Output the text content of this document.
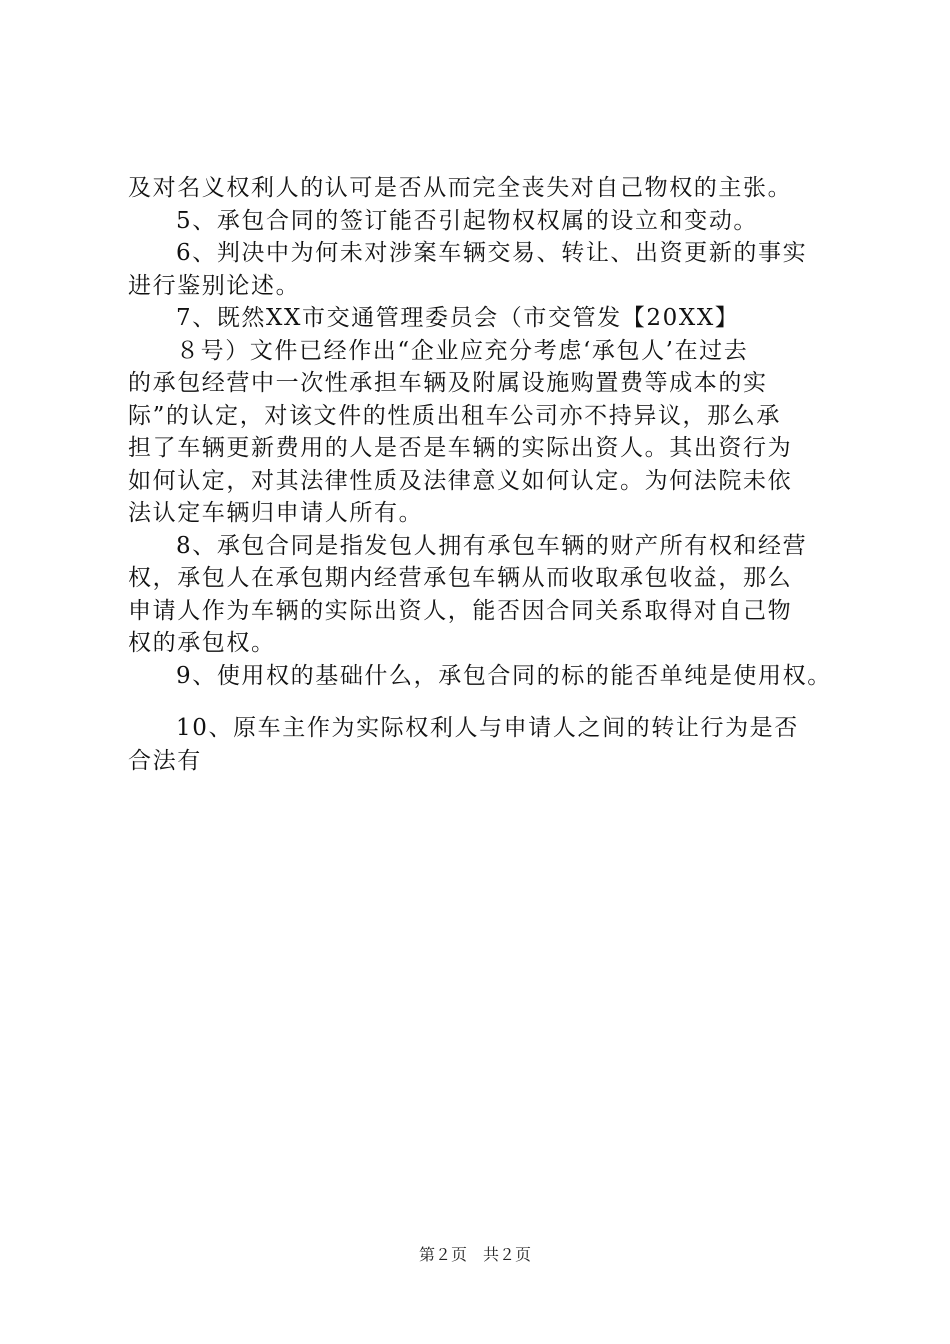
及对名义权利人的认可是否从而完全丧失对自己物权的主张。
5、承包合同的签订能否引起物权权属的设立和变动。
6、判决中为何未对涉案车辆交易、转让、出资更新的事实
进行鉴别论述。
7、既然XX市交通管理委员会（市交管发【20XX】
８号）文件已经作出“企业应充分考虑‘承包人’在过去
的承包经营中一次性承担车辆及附属设施购置费等成本的实
际”的认定，对该文件的性质出租车公司亦不持异议，那么承
担了车辆更新费用的人是否是车辆的实际出资人。其出资行为
如何认定，对其法律性质及法律意义如何认定。为何法院未依
法认定车辆归申请人所有。
8、承包合同是指发包人拥有承包车辆的财产所有权和经营
权，承包人在承包期内经营承包车辆从而收取承包收益，那么
申请人作为车辆的实际出资人，能否因合同关系取得对自己物
权的承包权。
9、使用权的基础什么，承包合同的标的能否单纯是使用权。
10、原车主作为实际权利人与申请人之间的转让行为是否
合法有
第２页　共２页
